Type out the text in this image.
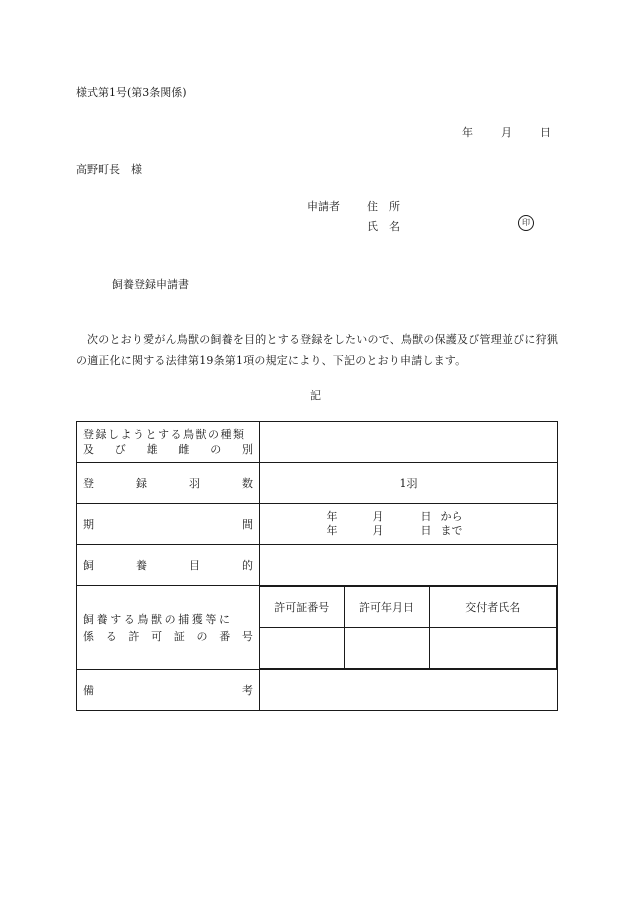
様式第1号(第3条関係)
年	月	日
高野町長　様
申請者 住　所
氏　名	印
飼養登録申請書
次のとおり愛がん鳥獣の飼養を目的とする登録をしたいので、鳥獣の保護及び管理並びに狩猟の適正化に関する法律第19条第1項の規定により、下記のとおり申請します。
記
登録しようとする鳥獣の種類
及 び 雄 雌 の 別

登	録	羽	数	1羽

期	間

年	月	日 から
年	月	日 まで

飼	養	目	的

飼養する鳥獣の捕獲等に
係 る 許 可 証 の 番 号

許可証番号	許可年月日	交付者氏名

備	考
